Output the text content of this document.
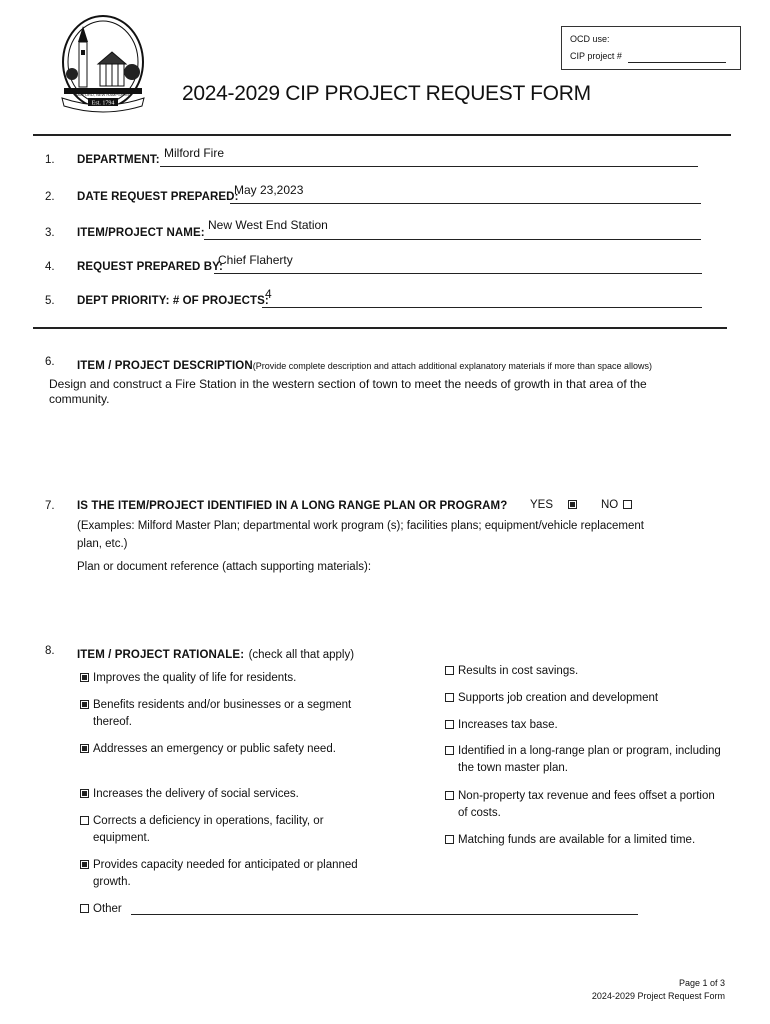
Est. 1794
MILFORD, NEW HAMPSHIRE
OCD use:
CIP project #
2024-2029 CIP PROJECT REQUEST FORM
1. DEPARTMENT: Milford Fire
2. DATE REQUEST PREPARED:
May 23,2023
3. ITEM/PROJECT NAME:
New West End Station
4. REQUEST PREPARED BY:
Chief Flaherty
5. DEPT PRIORITY: # OF PROJECTS:
4
6. ITEM / PROJECT DESCRIPTION(Provide complete description and attach additional explanatory materials if more than space allows)
Design and construct a Fire Station in the western section of town to meet the needs of growth in that area of the community.
7. IS THE ITEM/PROJECT IDENTIFIED IN A LONG RANGE PLAN OR PROGRAM? YES	NO
(Examples: Milford Master Plan; departmental work program (s); facilities plans; equipment/vehicle replacement plan, etc.)
Plan or document reference (attach supporting materials):
8. ITEM / PROJECT RATIONALE: (check all that apply)
Improves the quality of life for residents.
Benefits residents and/or businesses or a segment thereof.
Addresses an emergency or public safety need.
Increases the delivery of social services.
Corrects a deficiency in operations, facility, or equipment.
Provides capacity needed for anticipated or planned growth.
Results in cost savings.
Supports job creation and development
Increases tax base.
Identified in a long-range plan or program, including the town master plan.
Non-property tax revenue and fees offset a portion of costs.
Matching funds are available for a limited time.
Other
Page 1 of 3
2024-2029 Project Request Form
